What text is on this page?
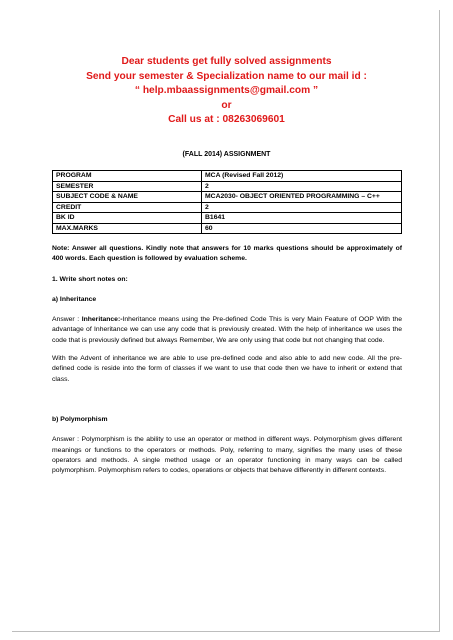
Dear students get fully solved assignments
Send your semester & Specialization name to our mail id :
“ help.mbaassignments@gmail.com ”
or
Call us at : 08263069601
(FALL 2014) ASSIGNMENT
PROGRAM	MCA (Revised Fall 2012)
SEMESTER	2
SUBJECT CODE & NAME	MCA2030- OBJECT ORIENTED PROGRAMMING – C++
CREDIT	2
BK ID	B1641
MAX.MARKS	60

Note: Answer all questions. Kindly note that answers for 10 marks questions should be approximately of 400 words. Each question is followed by evaluation scheme.

1. Write short notes on:

a) Inheritance

Answer : Inheritance:-Inheritance means using the Pre-defined Code This is very Main Feature of OOP With the advantage of Inheritance we can use any code that is previously created. With the help of inheritance we uses the code that is previously defined but always Remember, We are only using that code but not changing that code.

With the Advent of inheritance we are able to use pre-defined code and also able to add new code. All the pre-defined code is reside into the form of classes if we want to use that code then we have to inherit or extend that class.

b) Polymorphism

Answer : Polymorphism is the ability to use an operator or method in different ways. Polymorphism gives different meanings or functions to the operators or methods. Poly, referring to many, signifies the many uses of these operators and methods. A single method usage or an operator functioning in many ways can be called polymorphism. Polymorphism refers to codes, operations or objects that behave differently in different contexts.
